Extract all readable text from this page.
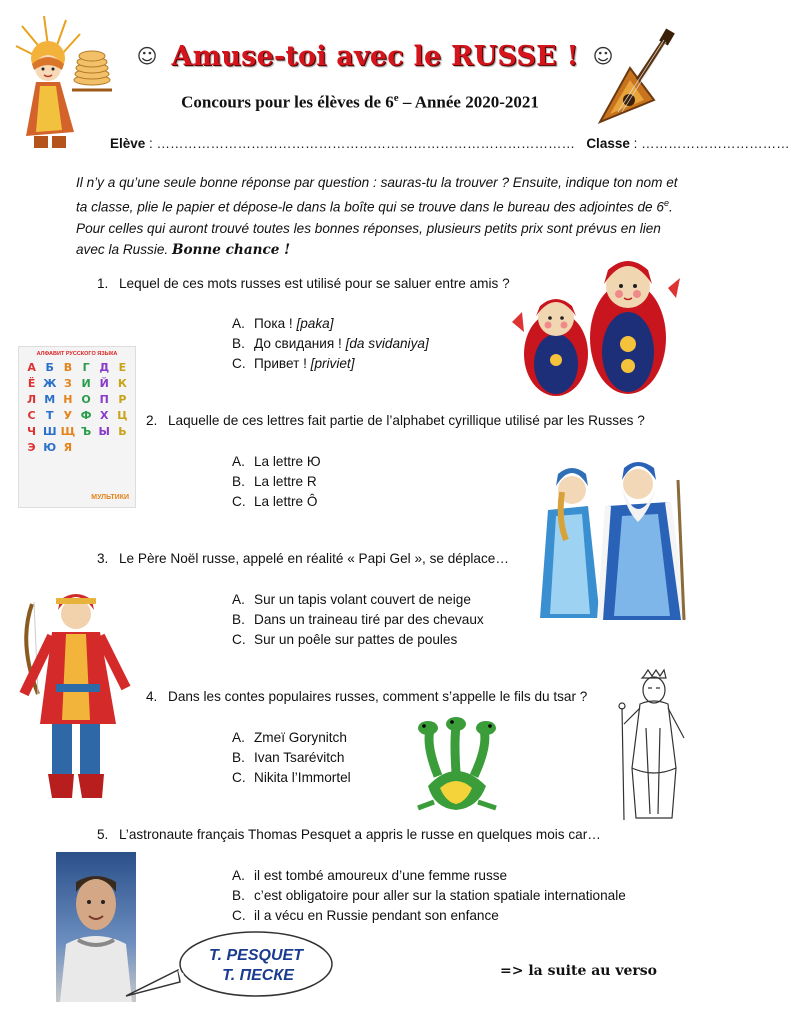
☺ Amuse-toi avec le RUSSE ! ☺
Concours pour les élèves de 6e – Année 2020-2021
Elève : ………………………………………………………………………………… Classe : ……………………………
Il n’y a qu’une seule bonne réponse par question : sauras-tu la trouver ? Ensuite, indique ton nom et ta classe, plie le papier et dépose-le dans la boîte qui se trouve dans le bureau des adjointes de 6e. Pour celles qui auront trouvé toutes les bonnes réponses, plusieurs petits prix sont prévus en lien avec la Russie. Bonne chance !
1. Lequel de ces mots russes est utilisé pour se saluer entre amis ?
A. Пока ! [paka]
B. До свидания ! [da svidaniya]
C. Привет ! [priviet]
АЛФАВИТ РУССКОГО ЯЗЫКА
А Б В Г Д Е
Ё Ж З И Й К
Л М Н О П Р
С Т У Ф Х Ц
Ч Ш Щ Ъ Ы Ь
Э Ю Я
МУЛЬТИКИ
2. Laquelle de ces lettres fait partie de l’alphabet cyrillique utilisé par les Russes ?
A. La lettre Ю
B. La lettre R
C. La lettre Ô
3. Le Père Noël russe, appelé en réalité « Papi Gel », se déplace…
A. Sur un tapis volant couvert de neige
B. Dans un traineau tiré par des chevaux
C. Sur un poêle sur pattes de poules
4. Dans les contes populaires russes, comment s’appelle le fils du tsar ?
A. Zmeï Gorynitch
B. Ivan Tsarévitch
C. Nikita l’Immortel
5. L’astronaute français Thomas Pesquet a appris le russe en quelques mois car…
A. il est tombé amoureux d’une femme russe
B. c’est obligatoire pour aller sur la station spatiale internationale
C. il a vécu en Russie pendant son enfance
T. PESQUET
T. ПЕСКЕ	=> la suite au verso
